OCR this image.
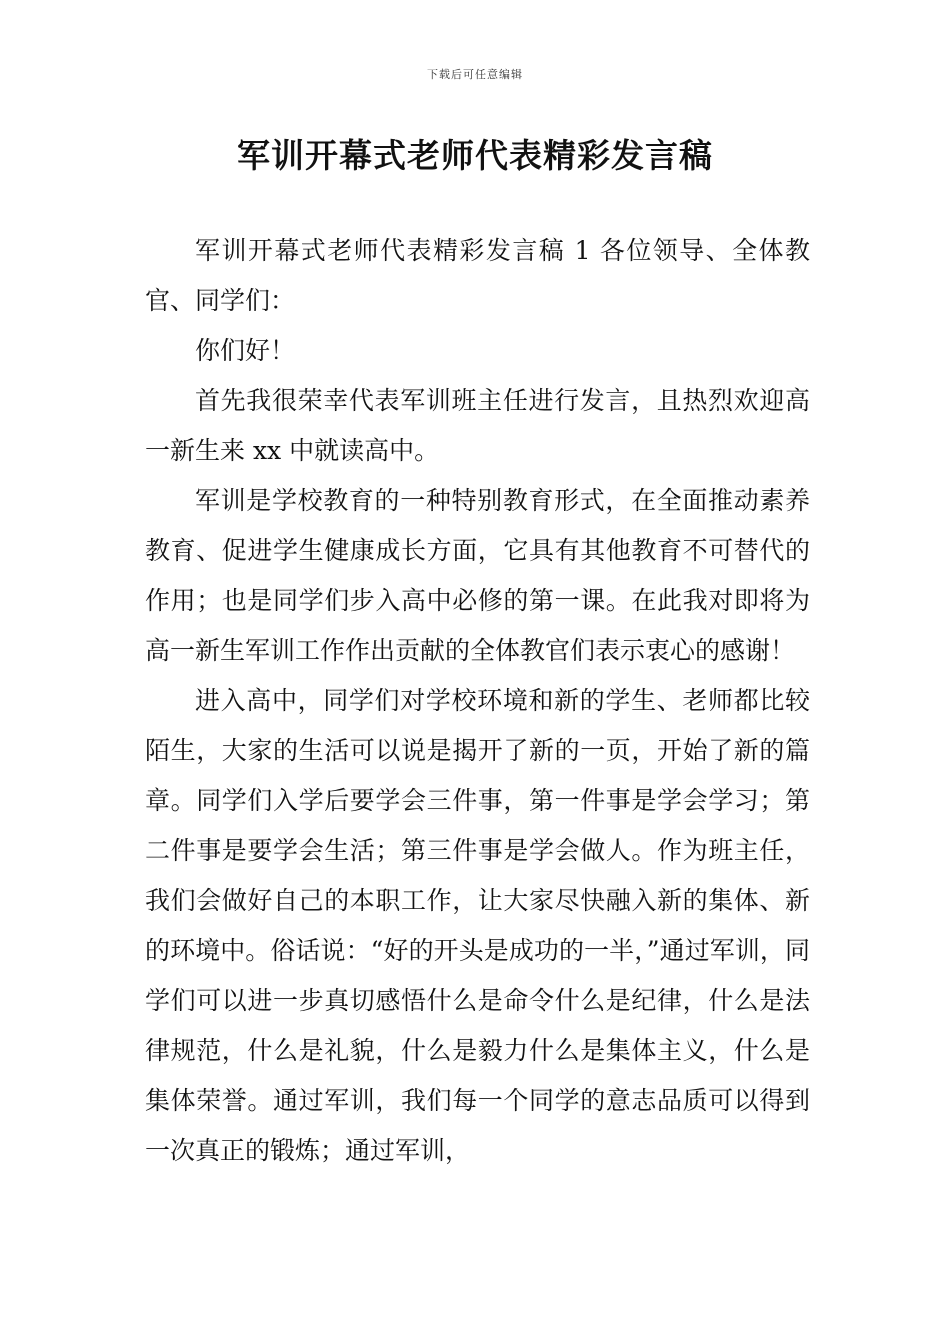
下载后可任意编辑
军训开幕式老师代表精彩发言稿

军训开幕式老师代表精彩发言稿 1 各位领导、全体教官、同学们：

你们好！

首先我很荣幸代表军训班主任进行发言，且热烈欢迎高一新生来 xx 中就读高中。

军训是学校教育的一种特别教育形式，在全面推动素养教育、促进学生健康成长方面，它具有其他教育不可替代的作用；也是同学们步入高中必修的第一课。在此我对即将为高一新生军训工作作出贡献的全体教官们表示衷心的感谢！

进入高中，同学们对学校环境和新的学生、老师都比较陌生，大家的生活可以说是揭开了新的一页，开始了新的篇章。同学们入学后要学会三件事，第一件事是学会学习；第二件事是要学会生活；第三件事是学会做人。作为班主任，我们会做好自己的本职工作，让大家尽快融入新的集体、新的环境中。俗话说：“好的开头是成功的一半，”通过军训，同学们可以进一步真切感悟什么是命令什么是纪律，什么是法律规范，什么是礼貌，什么是毅力什么是集体主义，什么是集体荣誉。通过军训，我们每一个同学的意志品质可以得到一次真正的锻炼；通过军训，
